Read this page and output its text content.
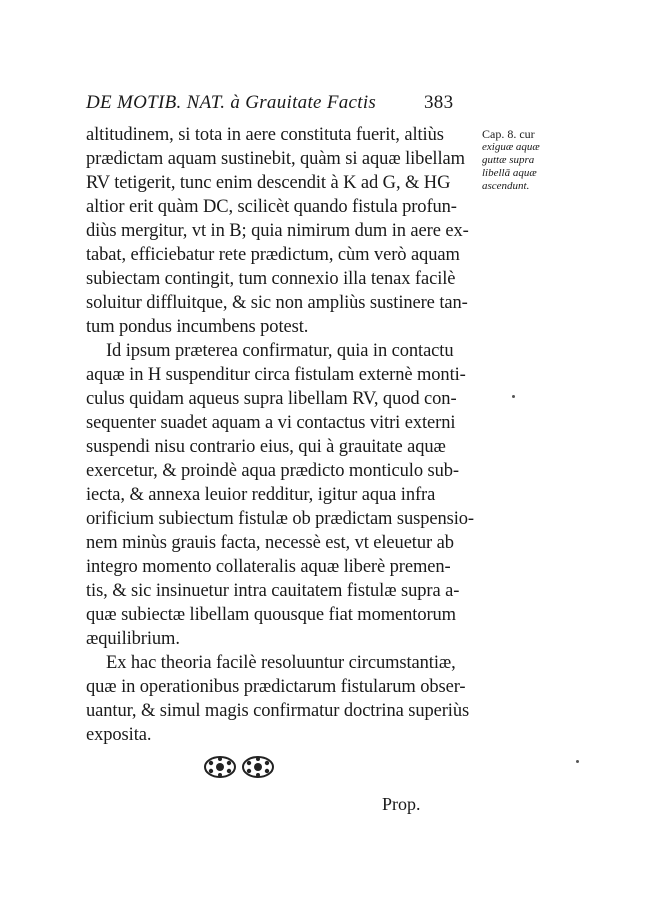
DE MOTIB. NAT. à Grauitate Factis	383
Cap. 8. cur
exiguæ aquæ
guttæ supra
libellā aquæ
ascendunt.
altitudinem, si tota in aere constituta fuerit, altiùs
prædictam aquam sustinebit, quàm si aquæ libellam
RV tetigerit, tunc enim descendit à K ad G, & HG
altior erit quàm DC, scilicèt quando fistula profun-
diùs mergitur, vt in B; quia nimirum dum in aere ex-
tabat, efficiebatur rete prædictum, cùm verò aquam
subiectam contingit, tum connexio illa tenax facilè
soluitur diffluitque, & sic non ampliùs sustinere tan-
tum pondus incumbens potest.
Id ipsum præterea confirmatur, quia in contactu
aquæ in H suspenditur circa fistulam externè monti-
culus quidam aqueus supra libellam RV, quod con-
sequenter suadet aquam a vi contactus vitri externi
suspendi nisu contrario eius, qui à grauitate aquæ
exercetur, & proindè aqua prædicto monticulo sub-
iecta, & annexa leuior redditur, igitur aqua infra
orificium subiectum fistulæ ob prædictam suspensio-
nem minùs grauis facta, necessè est, vt eleuetur ab
integro momento collateralis aquæ liberè premen-
tis, & sic insinuetur intra cauitatem fistulæ supra a-
quæ subiectæ libellam quousque fiat momentorum
æquilibrium.
Ex hac theoria facilè resoluuntur circumstantiæ,
quæ in operationibus prædictarum fistularum obser-
uantur, & simul magis confirmatur doctrina superiùs
exposita.
Prop.
